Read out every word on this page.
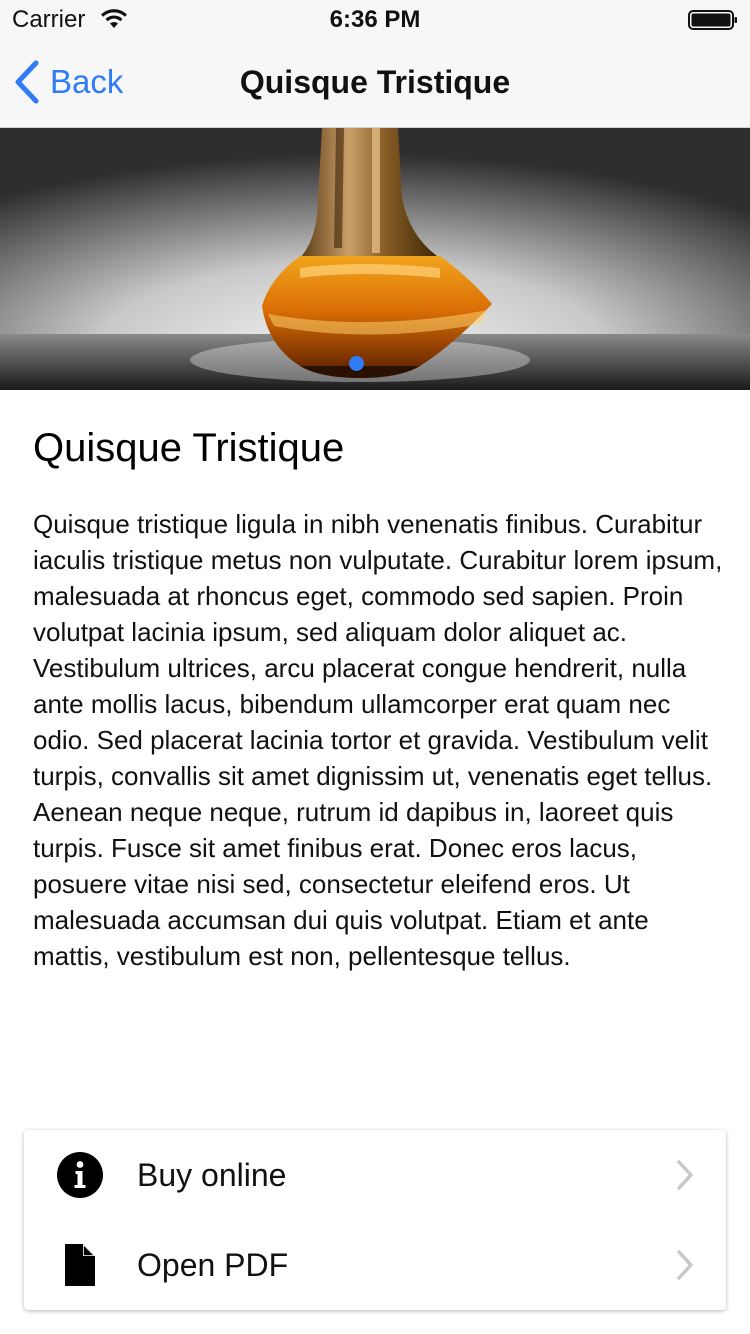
Carrier	6:36 PM
Back	Quisque Tristique
Quisque Tristique
Quisque tristique ligula in nibh venenatis finibus. Curabitur iaculis tristique metus non vulputate. Curabitur lorem ipsum, malesuada at rhoncus eget, commodo sed sapien. Proin volutpat lacinia ipsum, sed aliquam dolor aliquet ac. Vestibulum ultrices, arcu placerat congue hendrerit, nulla ante mollis lacus, bibendum ullamcorper erat quam nec odio. Sed placerat lacinia tortor et gravida. Vestibulum velit turpis, convallis sit amet dignissim ut, venenatis eget tellus. Aenean neque neque, rutrum id dapibus in, laoreet quis turpis. Fusce sit amet finibus erat. Donec eros lacus, posuere vitae nisi sed, consectetur eleifend eros. Ut malesuada accumsan dui quis volutpat. Etiam et ante mattis, vestibulum est non, pellentesque tellus.
Buy online
Open PDF
